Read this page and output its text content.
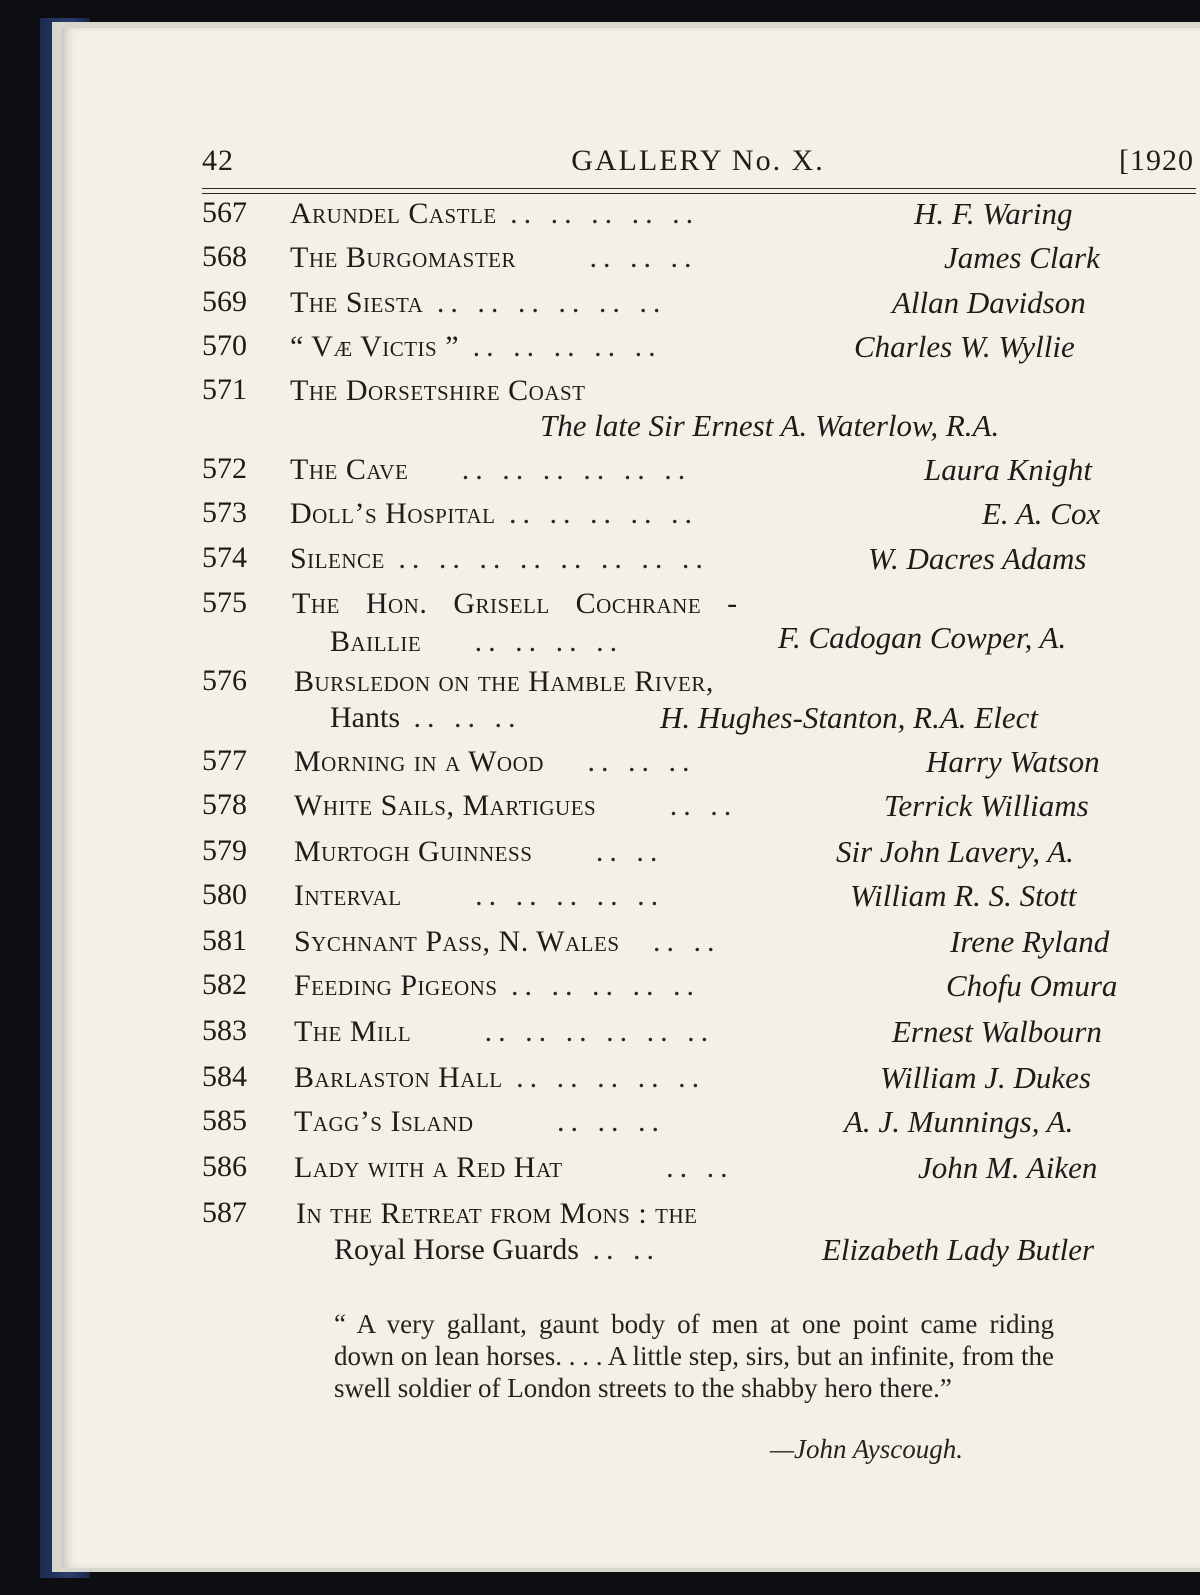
42	GALLERY No. X.	[1920
567 Arundel Castle .. .. .. .. ..	H. F. Waring
568 The Burgomaster .. .. ..	James Clark
569 The Siesta .. .. .. .. .. ..	Allan Davidson
570 “ Væ Victis ” .. .. .. .. ..	Charles W. Wyllie
571 The Dorsetshire Coast
The late Sir Ernest A. Waterlow, R.A.
572 The Cave .. .. .. .. .. ..	Laura Knight
573 Doll’s Hospital .. .. .. .. ..	E. A. Cox
574 Silence .. .. .. .. .. .. .. ..	W. Dacres Adams
575 The Hon. Grisell Cochrane -
Baillie .. .. .. ..	F. Cadogan Cowper, A.
576 Bursledon on the Hamble River,
Hants .. .. ..	H. Hughes-Stanton, R.A. Elect
577 Morning in a Wood .. .. ..	Harry Watson
578 White Sails, Martigues .. ..	Terrick Williams
579 Murtogh Guinness .. ..	Sir John Lavery, A.
580 Interval .. .. .. .. ..	William R. S. Stott
581 Sychnant Pass, N. Wales .. ..	Irene Ryland
582 Feeding Pigeons .. .. .. .. ..	Chofu Omura
583 The Mill .. .. .. .. .. ..	Ernest Walbourn
584 Barlaston Hall .. .. .. .. ..	William J. Dukes
585 Tagg’s Island .. .. ..	A. J. Munnings, A.
586 Lady with a Red Hat	.. ..	John M. Aiken
587 In the Retreat from Mons : the
Royal Horse Guards .. ..	Elizabeth Lady Butler
“ A very gallant, gaunt body of men at one point came riding down on lean horses. . . . A little step, sirs, but an infinite, from the swell soldier of London streets to the shabby hero there.”
—John Ayscough.
